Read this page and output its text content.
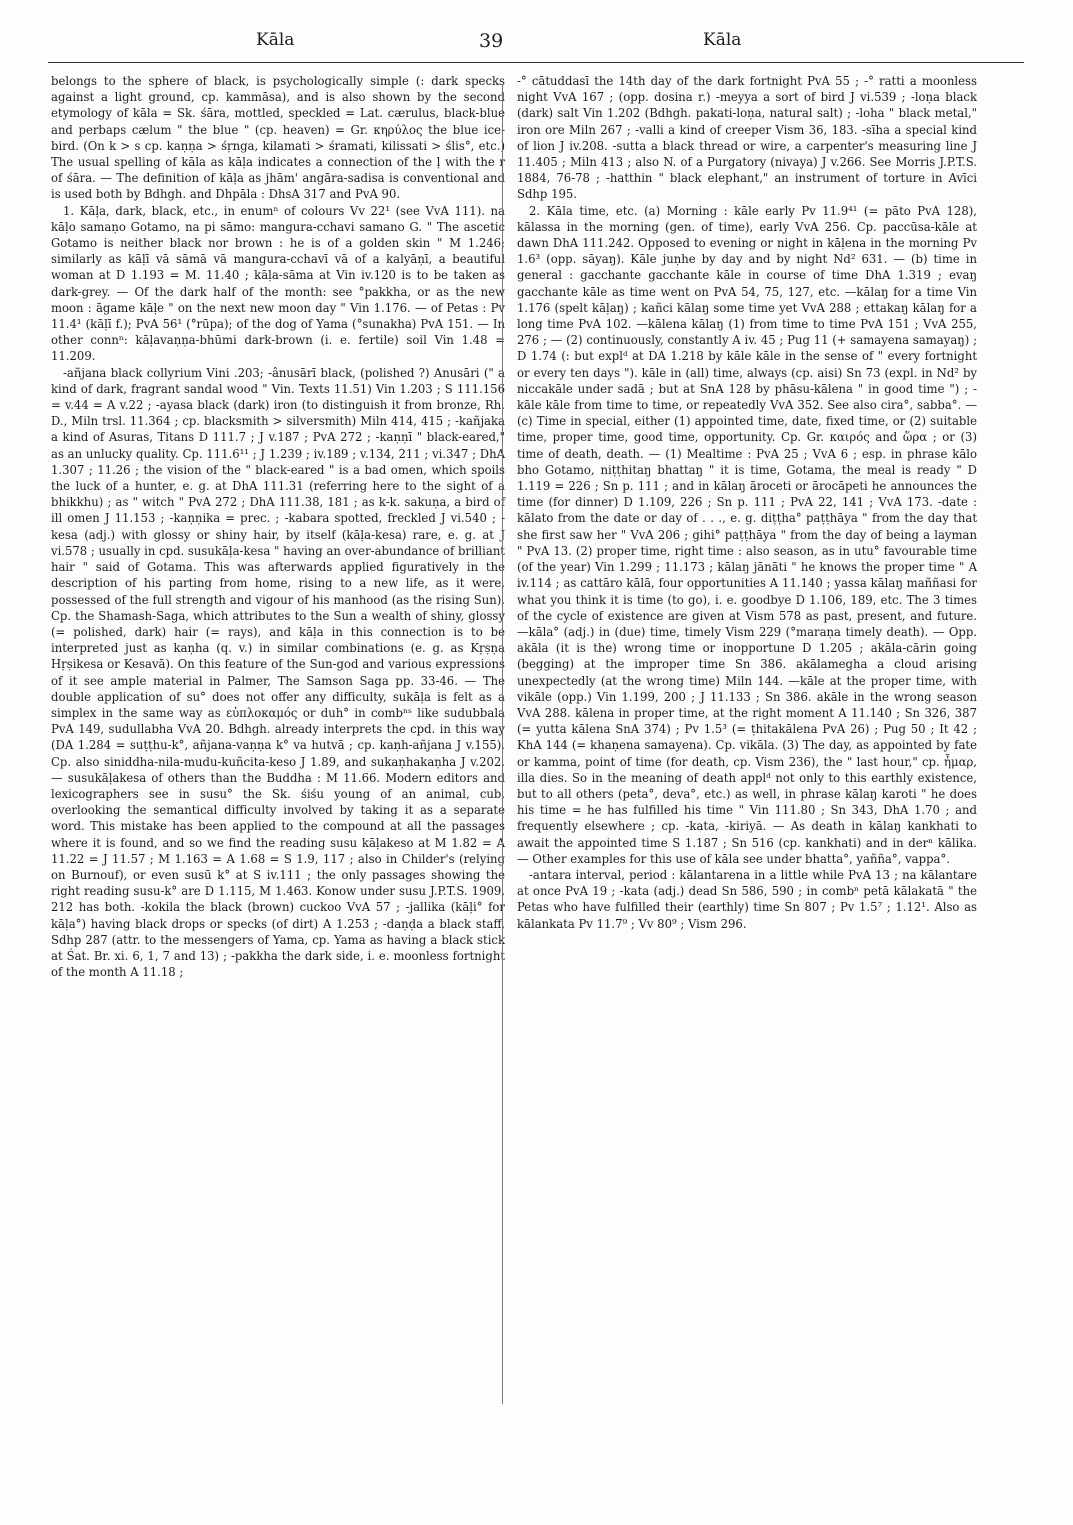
Kāla	39	Kāla

belongs to the sphere of black, is psychologically simple (: dark specks against a light ground, cp. kammāsa), and is also shown by the second etymology of kāla = Sk. śāra, mottled, speckled = Lat. cærulus, black-blue and perbaps cælum " the blue " (cp. heaven) = Gr. κηρύλος the blue ice-bird. (On k > s cp. kaṇṇa > śṛnga, kilamati > śramati, kilissati > ślis°, etc.) The usual spelling of kāla as kāḷa indicates a connection of the ḷ with the r of śāra. — The definition of kāḷa as jhām' angāra-sadisa is conventional and is used both by Bdhgh. and Dhpāla : DhsA 317 and PvA 90.

1. Kāḷa, dark, black, etc., in enumⁿ of colours Vv 22¹ (see VvA 111). na kāḷo samaṇo Gotamo, na pi sāmo: mangura-cchavi samano G. " The ascetic Gotamo is neither black nor brown : he is of a golden skin " M 1.246; similarly as kāḷī vā sāmā vā mangura-cchavī vā of a kalyāṇī, a beautiful woman at D 1.193 = M. 11.40 ; kāḷa-sāma at Vin iv.120 is to be taken as dark-grey. — Of the dark half of the month: see °pakkha, or as the new moon : āgame kāḷe " on the next new moon day " Vin 1.176. — of Petas : Pv 11.4¹ (kāḷī f.); PvA 56¹ (°rūpa); of the dog of Yama (°sunakha) PvA 151. — In other connⁿ: kāḷavaṇṇa-bhūmi dark-brown (i. e. fertile) soil Vin 1.48 = 11.209.

-añjana black collyrium Vini .203; -ânusārī black, (polished ?) Anusāri (" a kind of dark, fragrant sandal wood " Vin. Texts 11.51) Vin 1.203 ; S 111.156 = v.44 = A v.22 ; -ayasa black (dark) iron (to distinguish it from bronze, Rh. D., Miln trsl. 11.364 ; cp. blacksmith > silversmith) Miln 414, 415 ; -kañjaka a kind of Asuras, Titans D 111.7 ; J v.187 ; PvA 272 ; -kaṇṇī " black-eared," as an unlucky quality. Cp. 111.6¹¹ ; J 1.239 ; iv.189 ; v.134, 211 ; vi.347 ; DhA 1.307 ; 11.26 ; the vision of the " black-eared " is a bad omen, which spoils the luck of a hunter, e. g. at DhA 111.31 (referring here to the sight of a bhikkhu) ; as " witch " PvA 272 ; DhA 111.38, 181 ; as k-k. sakuṇa, a bird of ill omen J 11.153 ; -kaṇṇika = prec. ; -kabara spotted, freckled J vi.540 ; -kesa (adj.) with glossy or shiny hair, by itself (kāḷa-kesa) rare, e. g. at J vi.578 ; usually in cpd. susukāḷa-kesa " having an over-abundance of brilliant hair " said of Gotama. This was afterwards applied figuratively in the description of his parting from home, rising to a new life, as it were, possessed of the full strength and vigour of his manhood (as the rising Sun). Cp. the Shamash-Saga, which attributes to the Sun a wealth of shiny, glossy (= polished, dark) hair (= rays), and kāḷa in this connection is to be interpreted just as kaṇha (q. v.) in similar combinations (e. g. as Kṛṣṇa Hṛṣikesa or Kesavā). On this feature of the Sun-god and various expressions of it see ample material in Palmer, The Samson Saga pp. 33-46. — The double application of su° does not offer any difficulty, sukāḷa is felt as a simplex in the same way as εὐπλοκαμός or duh° in combⁿˢ like sudubbala PvA 149, sudullabha VvA 20. Bdhgh. already interprets the cpd. in this way (DA 1.284 = suṭṭhu-k°, añjana-vaṇṇa k° va hutvā ; cp. kaṇh-añjana J v.155). Cp. also siniddha-nila-mudu-kuñcita-keso J 1.89, and sukaṇhakaṇha J v.202. — susukāḷakesa of others than the Buddha : M 11.66. Modern editors and lexicographers see in susu° the Sk. śiśu young of an animal, cub, overlooking the semantical difficulty involved by taking it as a separate word. This mistake has been applied to the compound at all the passages where it is found, and so we find the reading susu kāḷakeso at M 1.82 = A 11.22 = J 11.57 ; M 1.163 = A 1.68 = S 1.9, 117 ; also in Childer's (relying on Burnouf), or even susū k° at S iv.111 ; the only passages showing the right reading susu-k° are D 1.115, M 1.463. Konow under susu J.P.T.S. 1909, 212 has both. -kokila the black (brown) cuckoo VvA 57 ; -jallika (kāḷi° for kāḷa°) having black drops or specks (of dirt) A 1.253 ; -daṇḍa a black staff, Sdhp 287 (attr. to the messengers of Yama, cp. Yama as having a black stick at Śat. Br. xi. 6, 1, 7 and 13) ; -pakkha the dark side, i. e. moonless fortnight of the month A 11.18 ;

-° cātuddasī the 14th day of the dark fortnight PvA 55 ; -° ratti a moonless night VvA 167 ; (opp. dosina r.) -meyya a sort of bird J vi.539 ; -loṇa black (dark) salt Vin 1.202 (Bdhgh. pakati-loṇa, natural salt) ; -loha " black metal," iron ore Miln 267 ; -valli a kind of creeper Vism 36, 183. -sīha a special kind of lion J iv.208. -sutta a black thread or wire, a carpenter's measuring line J 11.405 ; Miln 413 ; also N. of a Purgatory (nivaya) J v.266. See Morris J.P.T.S. 1884, 76-78 ; -hatthin " black elephant," an instrument of torture in Avīci Sdhp 195.

2. Kāla time, etc. (a) Morning : kāle early Pv 11.9⁴¹ (= pāto PvA 128), kālassa in the morning (gen. of time), early VvA 256. Cp. paccūsa-kāle at dawn DhA 111.242. Opposed to evening or night in kāḷena in the morning Pv 1.6³ (opp. sāyaŋ). Kāle juṇhe by day and by night Nd² 631. — (b) time in general : gacchante gacchante kāle in course of time DhA 1.319 ; evaŋ gacchante kāle as time went on PvA 54, 75, 127, etc. —kālaŋ for a time Vin 1.176 (spelt kāḷaŋ) ; kañci kālaŋ some time yet VvA 288 ; ettakaŋ kālaŋ for a long time PvA 102. —kālena kālaŋ (1) from time to time PvA 151 ; VvA 255, 276 ; — (2) continuously, constantly A iv. 45 ; Pug 11 (+ samayena samayaŋ) ; D 1.74 (: but explᵈ at DA 1.218 by kāle kāle in the sense of " every fortnight or every ten days "). kāle in (all) time, always (cp. aisi) Sn 73 (expl. in Nd² by niccakāle under sadā ; but at SnA 128 by phāsu-kālena " in good time ") ; -kāle kāle from time to time, or repeatedly VvA 352. See also cira°, sabba°. — (c) Time in special, either (1) appointed time, date, fixed time, or (2) suitable time, proper time, good time, opportunity. Cp. Gr. καιρός and ὥρα ; or (3) time of death, death. — (1) Mealtime : PvA 25 ; VvA 6 ; esp. in phrase kālo bho Gotamo, niṭṭhitaŋ bhattaŋ " it is time, Gotama, the meal is ready " D 1.119 = 226 ; Sn p. 111 ; and in kālaŋ āroceti or ārocāpeti he announces the time (for dinner) D 1.109, 226 ; Sn p. 111 ; PvA 22, 141 ; VvA 173. -date : kālato from the date or day of . . ., e. g. diṭṭha° paṭṭhāya " from the day that she first saw her " VvA 206 ; gihi° paṭṭhāya " from the day of being a layman " PvA 13. (2) proper time, right time : also season, as in utu° favourable time (of the year) Vin 1.299 ; 11.173 ; kālaŋ jānāti " he knows the proper time " A iv.114 ; as cattāro kālā, four opportunities A 11.140 ; yassa kālaŋ maññasi for what you think it is time (to go), i. e. goodbye D 1.106, 189, etc. The 3 times of the cycle of existence are given at Vism 578 as past, present, and future. —kāla° (adj.) in (due) time, timely Vism 229 (°maraṇa timely death). — Opp. akāla (it is the) wrong time or inopportune D 1.205 ; akāla-cārin going (begging) at the improper time Sn 386. akālamegha a cloud arising unexpectedly (at the wrong time) Miln 144. —kāle at the proper time, with vikāle (opp.) Vin 1.199, 200 ; J 11.133 ; Sn 386. akāle in the wrong season VvA 288. kālena in proper time, at the right moment A 11.140 ; Sn 326, 387 (= yutta kālena SnA 374) ; Pv 1.5³ (= ṭhitakālena PvA 26) ; Pug 50 ; It 42 ; KhA 144 (= khaṇena samayena). Cp. vikāla. (3) The day, as appointed by fate or kamma, point of time (for death, cp. Vism 236), the " last hour," cp. ἦμαρ, illa dies. So in the meaning of death applᵈ not only to this earthly existence, but to all others (peta°, deva°, etc.) as well, in phrase kālaŋ karoti " he does his time = he has fulfilled his time " Vin 111.80 ; Sn 343, DhA 1.70 ; and frequently elsewhere ; cp. -kata, -kiriyā. — As death in kālaŋ kankhati to await the appointed time S 1.187 ; Sn 516 (cp. kankhati) and in derⁿ kālika. — Other examples for this use of kāla see under bhatta°, yañña°, vappa°.

-antara interval, period : kālantarena in a little while PvA 13 ; na kālantare at once PvA 19 ; -kata (adj.) dead Sn 586, 590 ; in combⁿ petā kālakatā " the Petas who have fulfilled their (earthly) time Sn 807 ; Pv 1.5⁷ ; 1.12¹. Also as kālankata Pv 11.7⁹ ; Vv 80⁹ ; Vism 296.
